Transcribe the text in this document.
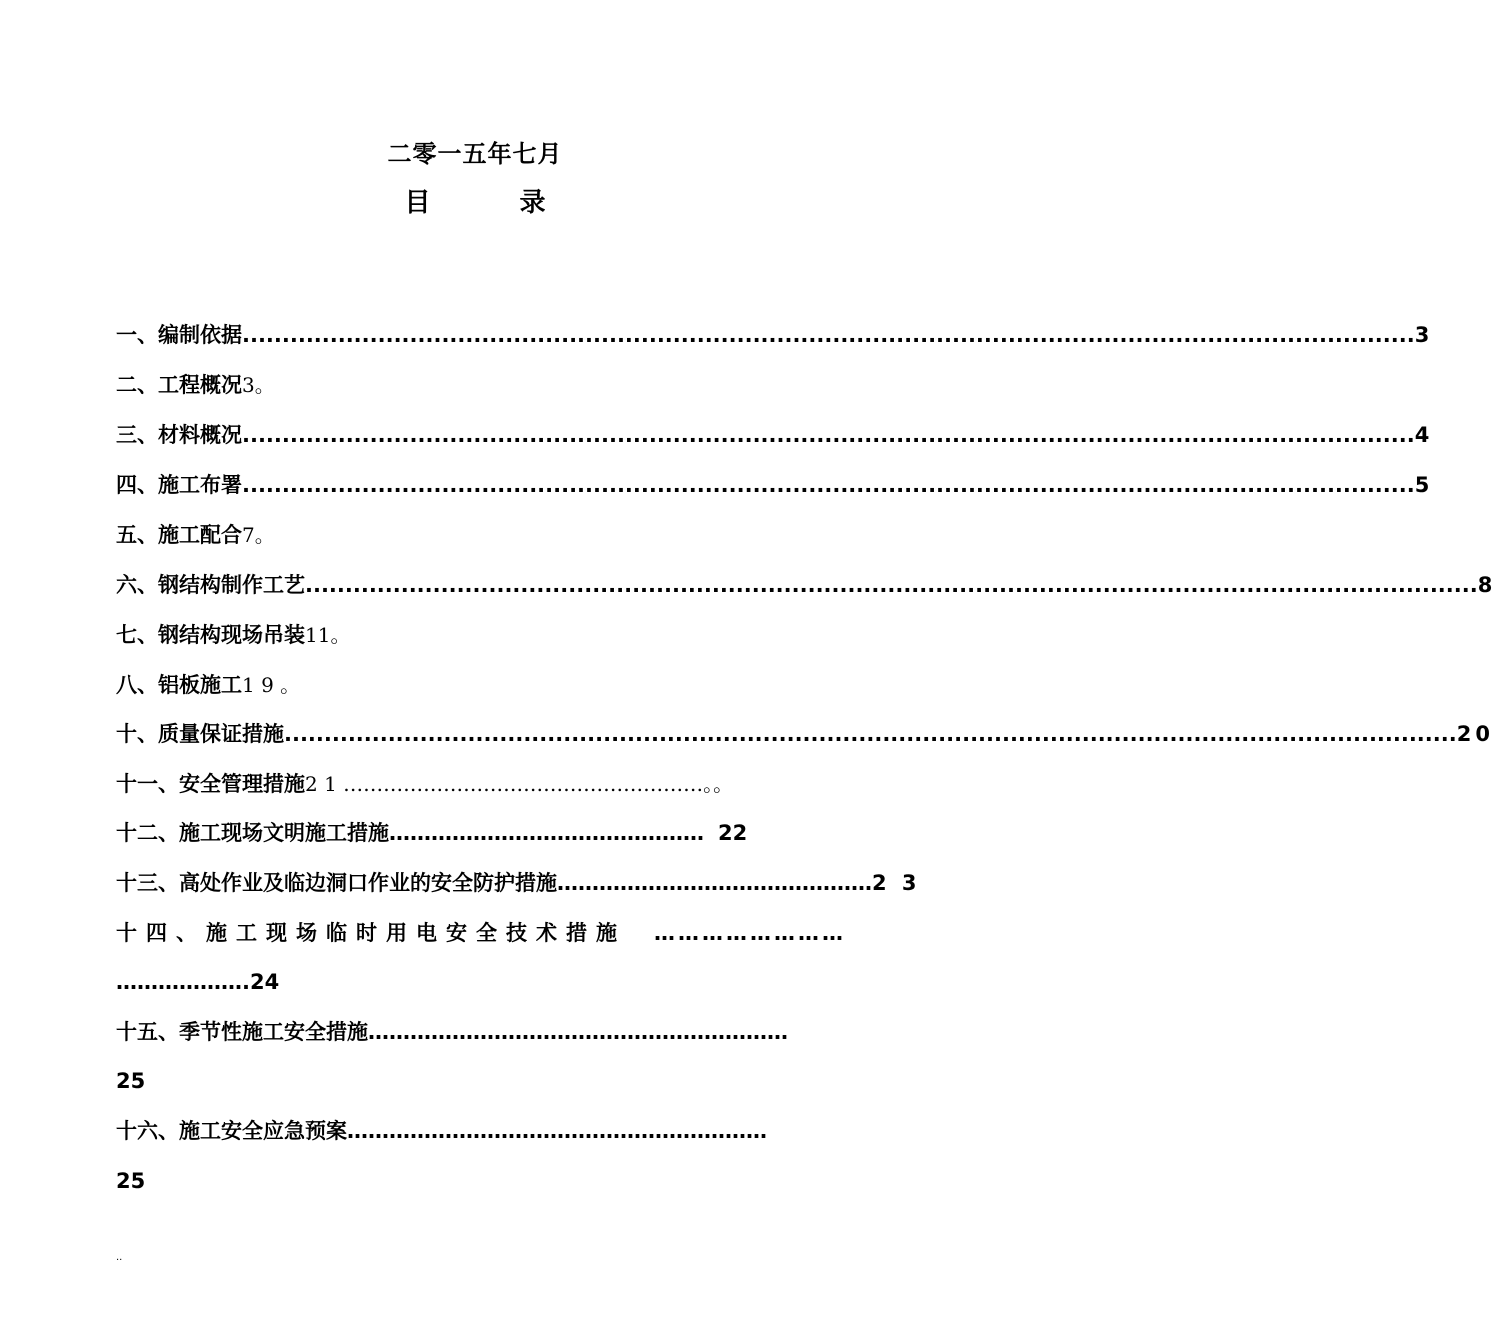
二零一五年七月
目	录
一、编制依据 ................................................................................................................................................... 3
二、工程概况3。
三、材料概况 ................................................................................................................................................... 4
四、施工布署 ................................................................................................................................................... 5
五、施工配合7。
六、钢结构制作工艺 ................................................................................................................................................... 8
七、钢结构现场吊装11。
八、铝板施工1 9 。
十、质量保证措施 ................................................................................................................................................... 20
十一、安全管理措施2 1 ………………………………………………。。
十二、施工现场文明施工措施……………………………………… 22
十三、高处作业及临边洞口作业的安全防护措施 ……………………………………… 2 3
十四、施工现场临时用电安全技术措施	……………………
……………….24
十五、季节性施工安全措施 ……………………………………………………
25
十六、施工安全应急预案 ……………………………………………………
25
..
